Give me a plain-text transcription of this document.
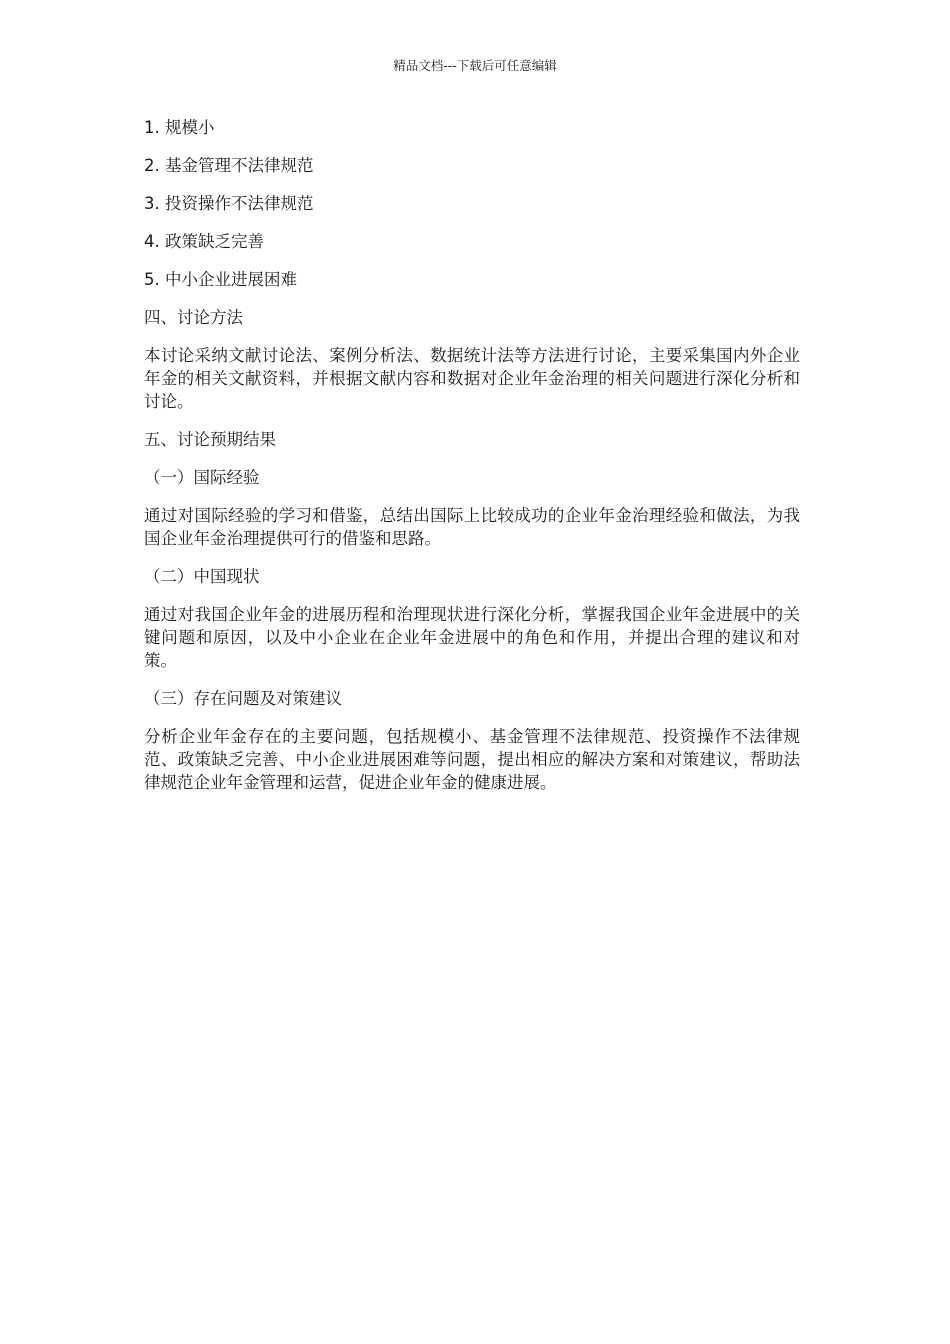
精品文档---下载后可任意编辑

1. 规模小

2. 基金管理不法律规范

3. 投资操作不法律规范

4. 政策缺乏完善

5. 中小企业进展困难

四、讨论方法

本讨论采纳文献讨论法、案例分析法、数据统计法等方法进行讨论，主要采集国内外企业年金的相关文献资料，并根据文献内容和数据对企业年金治理的相关问题进行深化分析和讨论。

五、讨论预期结果

（一）国际经验

通过对国际经验的学习和借鉴，总结出国际上比较成功的企业年金治理经验和做法，为我国企业年金治理提供可行的借鉴和思路。

（二）中国现状

通过对我国企业年金的进展历程和治理现状进行深化分析，掌握我国企业年金进展中的关键问题和原因，以及中小企业在企业年金进展中的角色和作用，并提出合理的建议和对策。

（三）存在问题及对策建议

分析企业年金存在的主要问题，包括规模小、基金管理不法律规范、投资操作不法律规范、政策缺乏完善、中小企业进展困难等问题，提出相应的解决方案和对策建议，帮助法律规范企业年金管理和运营，促进企业年金的健康进展。
